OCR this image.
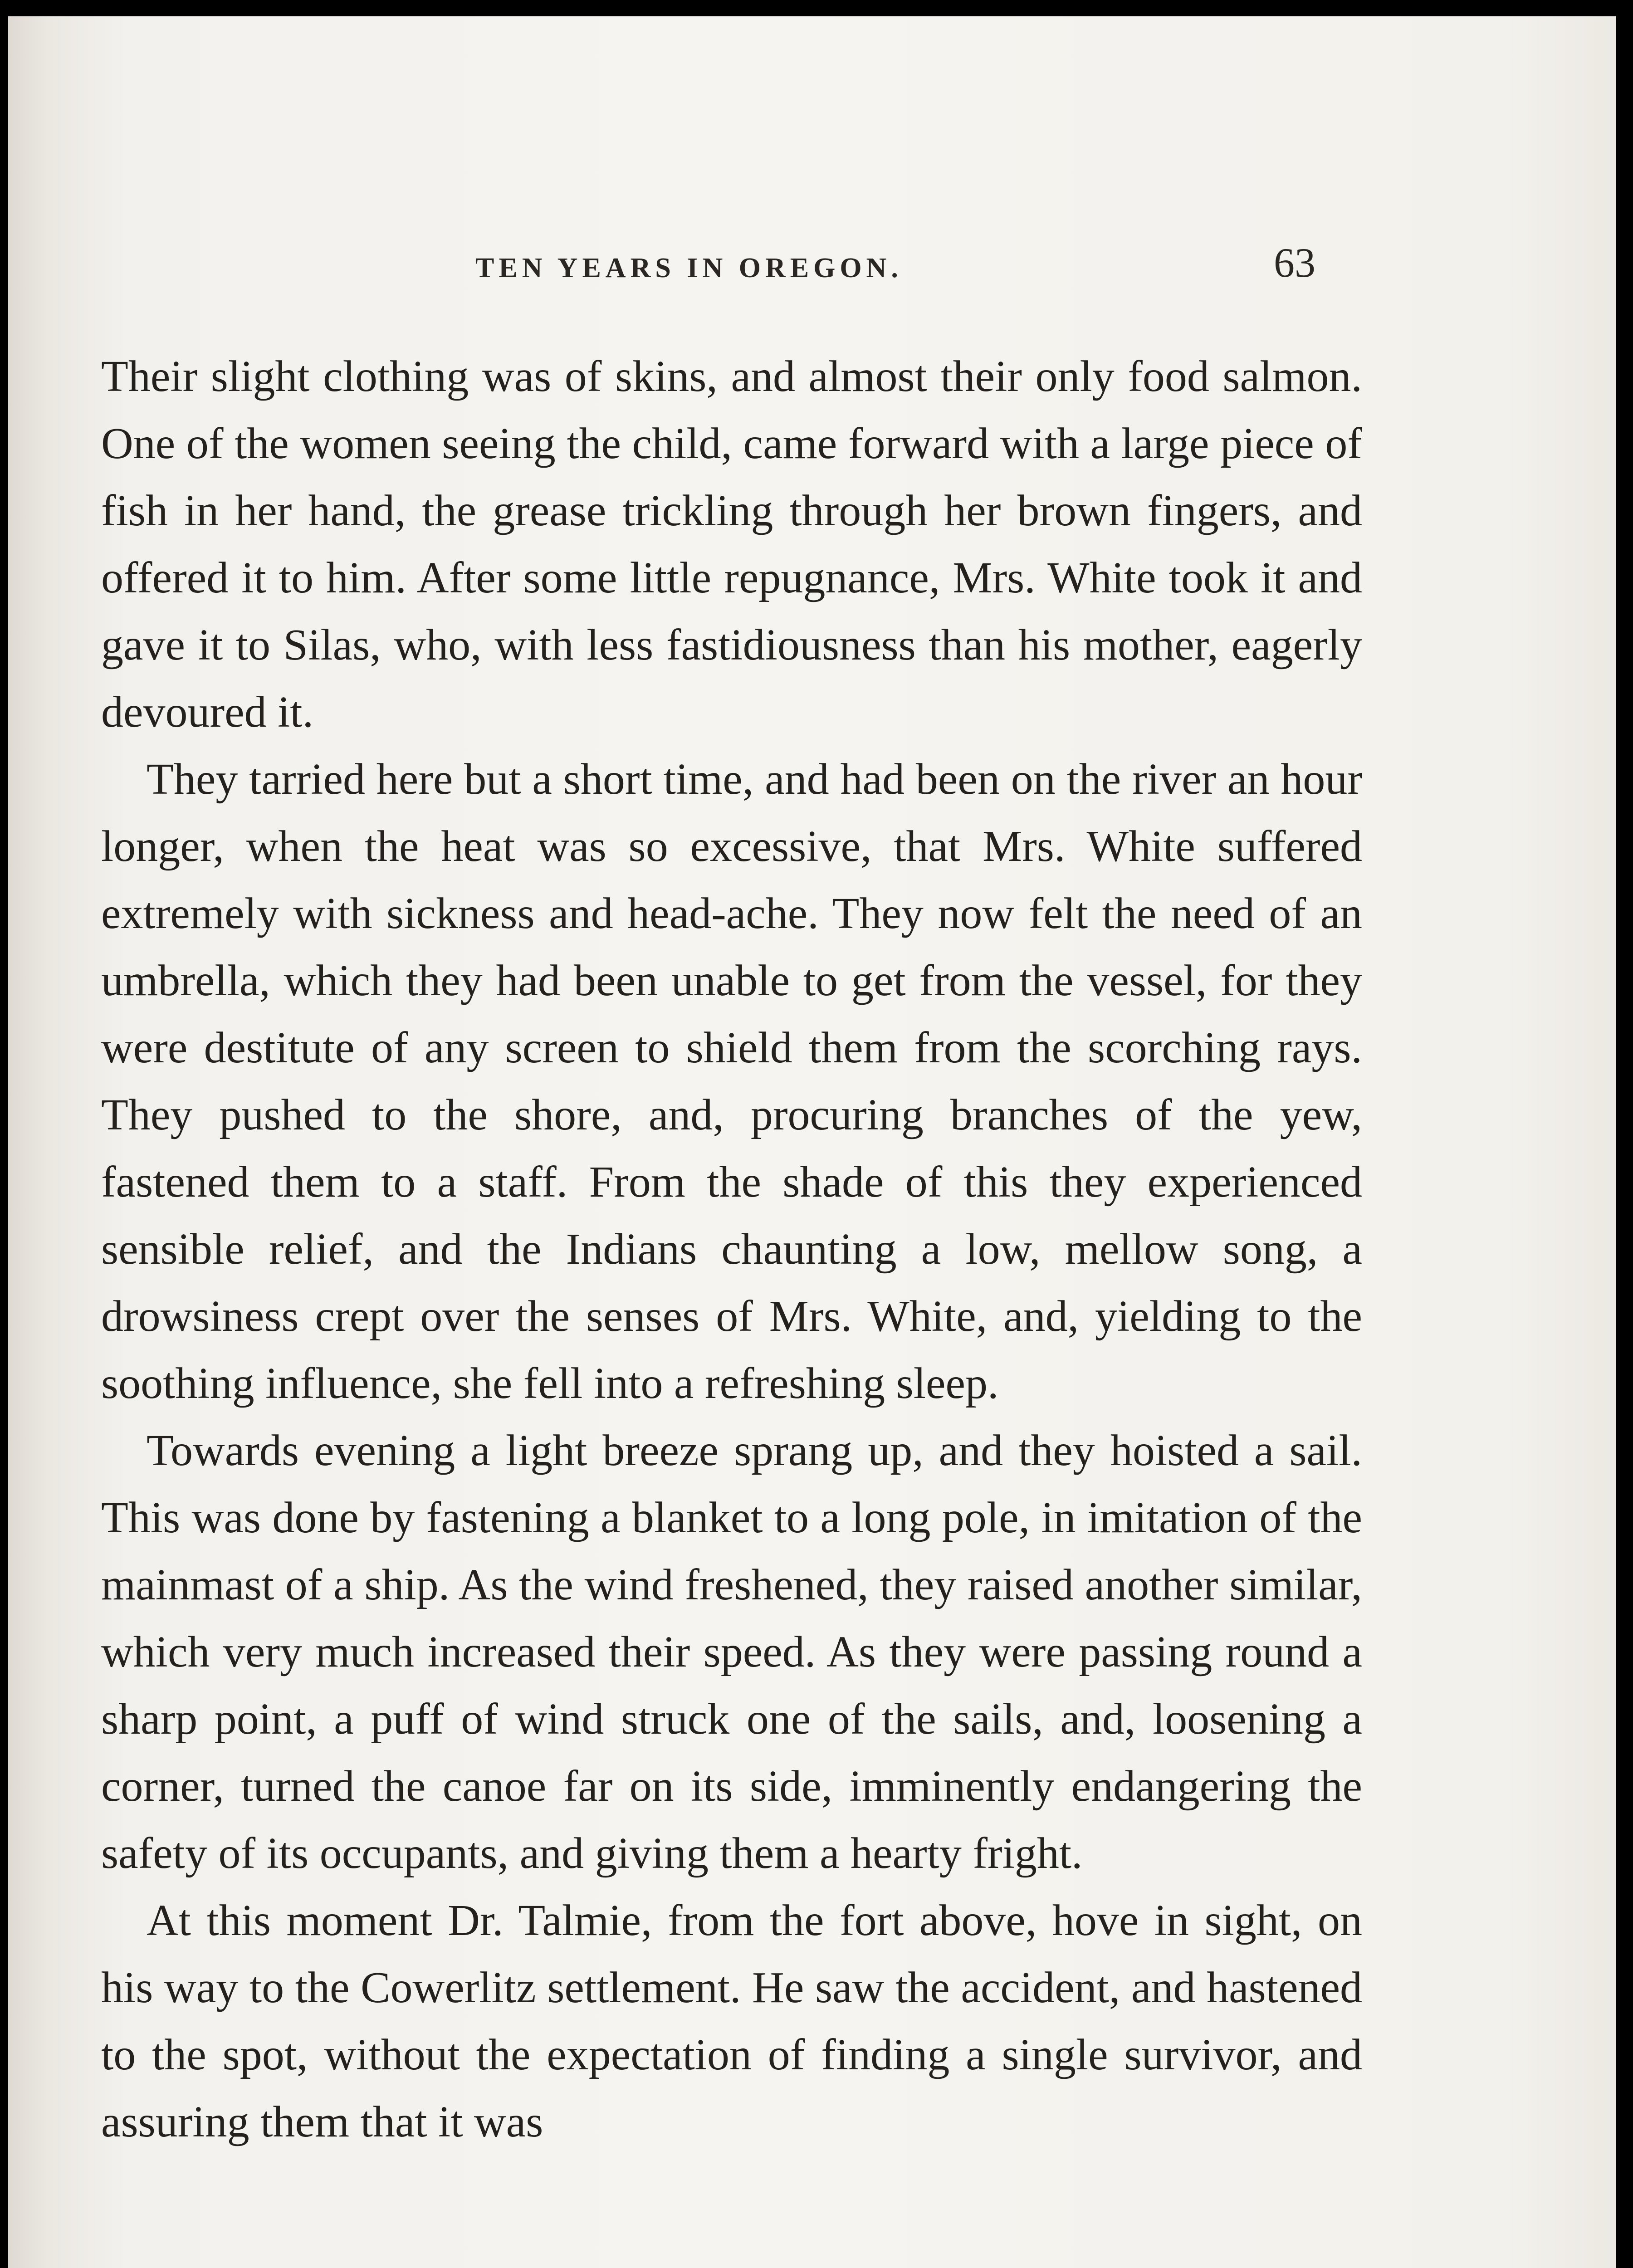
TEN YEARS IN OREGON.	63

Their slight clothing was of skins, and almost their only food salmon. One of the women seeing the child, came forward with a large piece of fish in her hand, the grease trickling through her brown fingers, and offered it to him. After some little repugnance, Mrs. White took it and gave it to Silas, who, with less fastidiousness than his mother, eagerly devoured it.

They tarried here but a short time, and had been on the river an hour longer, when the heat was so excessive, that Mrs. White suffered extremely with sickness and head-ache. They now felt the need of an umbrella, which they had been unable to get from the vessel, for they were destitute of any screen to shield them from the scorching rays. They pushed to the shore, and, procuring branches of the yew, fastened them to a staff. From the shade of this they experienced sensible relief, and the Indians chaunting a low, mellow song, a drowsiness crept over the senses of Mrs. White, and, yielding to the soothing influence, she fell into a refreshing sleep.

Towards evening a light breeze sprang up, and they hoisted a sail. This was done by fastening a blanket to a long pole, in imitation of the mainmast of a ship. As the wind freshened, they raised another similar, which very much increased their speed. As they were passing round a sharp point, a puff of wind struck one of the sails, and, loosening a corner, turned the canoe far on its side, imminently endangering the safety of its occupants, and giving them a hearty fright.

At this moment Dr. Talmie, from the fort above, hove in sight, on his way to the Cowerlitz settlement. He saw the accident, and hastened to the spot, without the expectation of finding a single survivor, and assuring them that it was
